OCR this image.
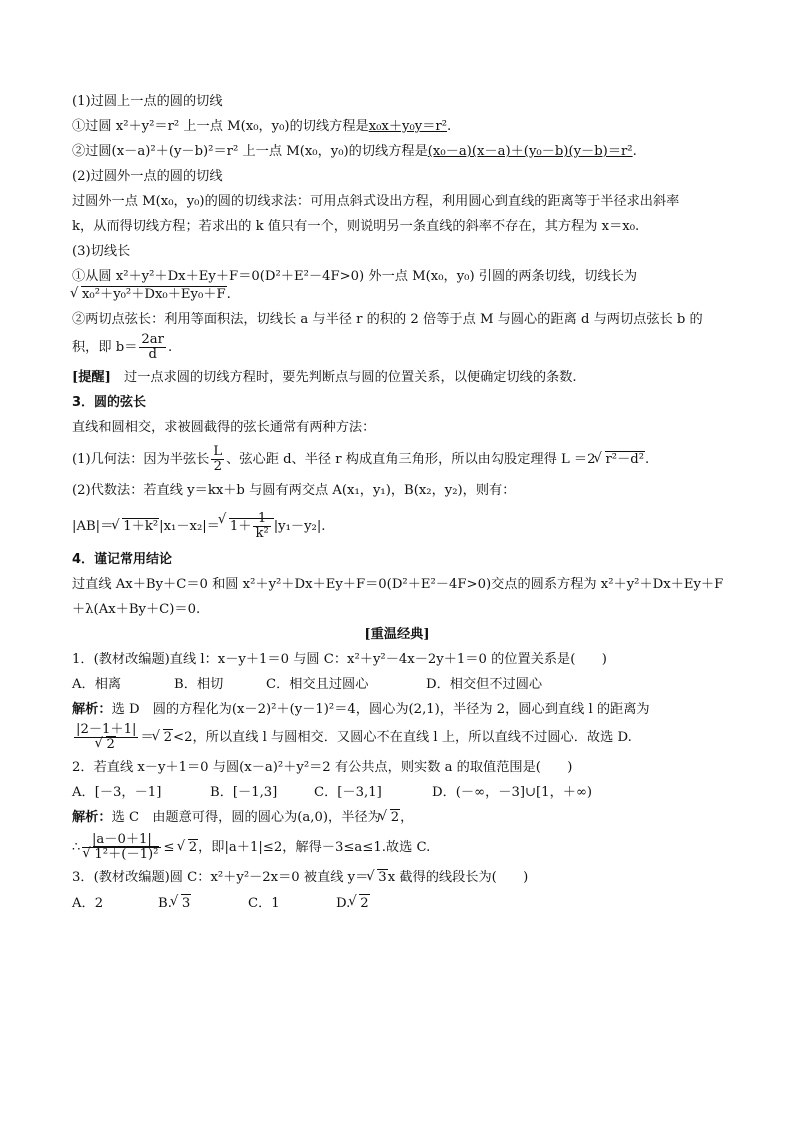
(1)过圆上一点的圆的切线

①过圆 x²＋y²＝r² 上一点 M(x₀，y₀)的切线方程是x₀x＋y₀y＝r².

②过圆(x－a)²＋(y－b)²＝r² 上一点 M(x₀，y₀)的切线方程是(x₀－a)(x－a)＋(y₀－b)(y－b)＝r².

(2)过圆外一点的圆的切线

过圆外一点 M(x₀，y₀)的圆的切线求法：可用点斜式设出方程，利用圆心到直线的距离等于半径求出斜率

k，从而得切线方程；若求出的 k 值只有一个，则说明另一条直线的斜率不存在，其方程为 x＝x₀.

(3)切线长

①从圆 x²＋y²＋Dx＋Ey＋F＝0(D²＋E²－4F>0) 外一点 M(x₀，y₀) 引圆的两条切线，切线长为

√ x₀²＋y₀²＋Dx₀＋Ey₀＋F.

②两切点弦长：利用等面积法，切线长 a 与半径 r 的积的 2 倍等于点 M 与圆心的距离 d 与两切点弦长 b 的

积，即 $b= \frac{2ar}{d}$ .

[提醒]　 过一点求圆的切线方程时，要先判断点与圆的位置关系，以便确定切线的条数.

3．圆的弦长

直线和圆相交，求被圆截得的弦长通常有两种方法：

(1)几何法：因为半弦长 $\frac{L}{2}$ 、弦心距 d、半径 r 构成直角三角形，所以由勾股定理得 L ＝2 √ r²－d².

(2)代数法：若直线 y＝kx＋b 与圆有两交点 A(x₁，y₁)，B(x₂，y₂)，则有：

|AB|＝ √ 1＋k²|x₁－x₂|＝ √ $1+ \frac{1}{\text{k²}} |y_1-y_2|$.

4．谨记常用结论

过直线 Ax＋By＋C＝0 和圆 x²＋y²＋Dx＋Ey＋F＝0(D²＋E²－4F>0)交点的圆系方程为 x²＋y²＋Dx＋Ey＋F

＋λ(Ax＋By＋C)＝0.

[重温经典]

1．(教材改编题)直线 l：x－y＋1＝0 与圆 C：x²＋y²－4x－2y＋1＝0 的位置关系是(　　)

A．相离	B．相切	C．相交且过圆心	D．相交但不过圆心

解析：选 D　圆的方程化为(x－2)²＋(y－1)²＝4，圆心为(2,1)，半径为 2，圆心到直线 l 的距离为

|2－1＋1|
√ 2 ＝ √ 2<2，所以直线 l 与圆相交．又圆心不在直线 l 上，所以直线不过圆心．故选 D.

2．若直线 x－y＋1＝0 与圆(x－a)²＋y²＝2 有公共点，则实数 a 的取值范围是(　　)

A．[－3，－1]	B．[－1,3]	C．[－3,1]	D．(－∞，－3]∪[1，＋∞)

解析：选 C　由题意可得，圆的圆心为(a,0)，半径为 √ 2，

∴ |a－0＋1|
√ 1²＋(－1)² ≤ √ 2，即|a＋1|≤2，解得－3≤a≤1.故选 C.

3．(教材改编题)圆 C：x²＋y²－2x＝0 被直线 y＝ √ 3x 截得的线段长为(　　)

A．2	B. √ 3	C．1	D. √ 2
